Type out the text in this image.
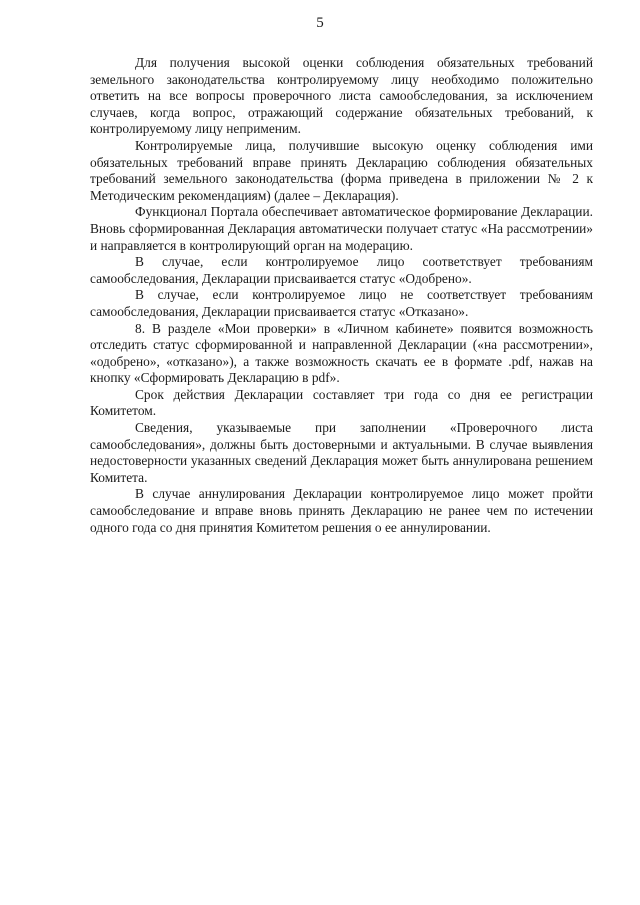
5

Для получения высокой оценки соблюдения обязательных требований земельного законодательства контролируемому лицу необходимо положительно ответить на все вопросы проверочного листа самообследования, за исключением случаев, когда вопрос, отражающий содержание обязательных требований, к контролируемому лицу неприменим.

Контролируемые лица, получившие высокую оценку соблюдения ими обязательных требований вправе принять Декларацию соблюдения обязательных требований земельного законодательства (форма приведена в приложении № 2 к Методическим рекомендациям) (далее – Декларация).

Функционал Портала обеспечивает автоматическое формирование Декларации. Вновь сформированная Декларация автоматически получает статус «На рассмотрении» и направляется в контролирующий орган на модерацию.

В случае, если контролируемое лицо соответствует требованиям самообследования, Декларации присваивается статус «Одобрено».

В случае, если контролируемое лицо не соответствует требованиям самообследования, Декларации присваивается статус «Отказано».

8. В разделе «Мои проверки» в «Личном кабинете» появится возможность отследить статус сформированной и направленной Декларации («на рассмотрении», «одобрено», «отказано»), а также возможность скачать ее в формате .pdf, нажав на кнопку «Сформировать Декларацию в pdf».

Срок действия Декларации составляет три года со дня ее регистрации Комитетом.

Сведения, указываемые при заполнении «Проверочного листа самообследования», должны быть достоверными и актуальными. В случае выявления недостоверности указанных сведений Декларация может быть аннулирована решением Комитета.

В случае аннулирования Декларации контролируемое лицо может пройти самообследование и вправе вновь принять Декларацию не ранее чем по истечении одного года со дня принятия Комитетом решения о ее аннулировании.
